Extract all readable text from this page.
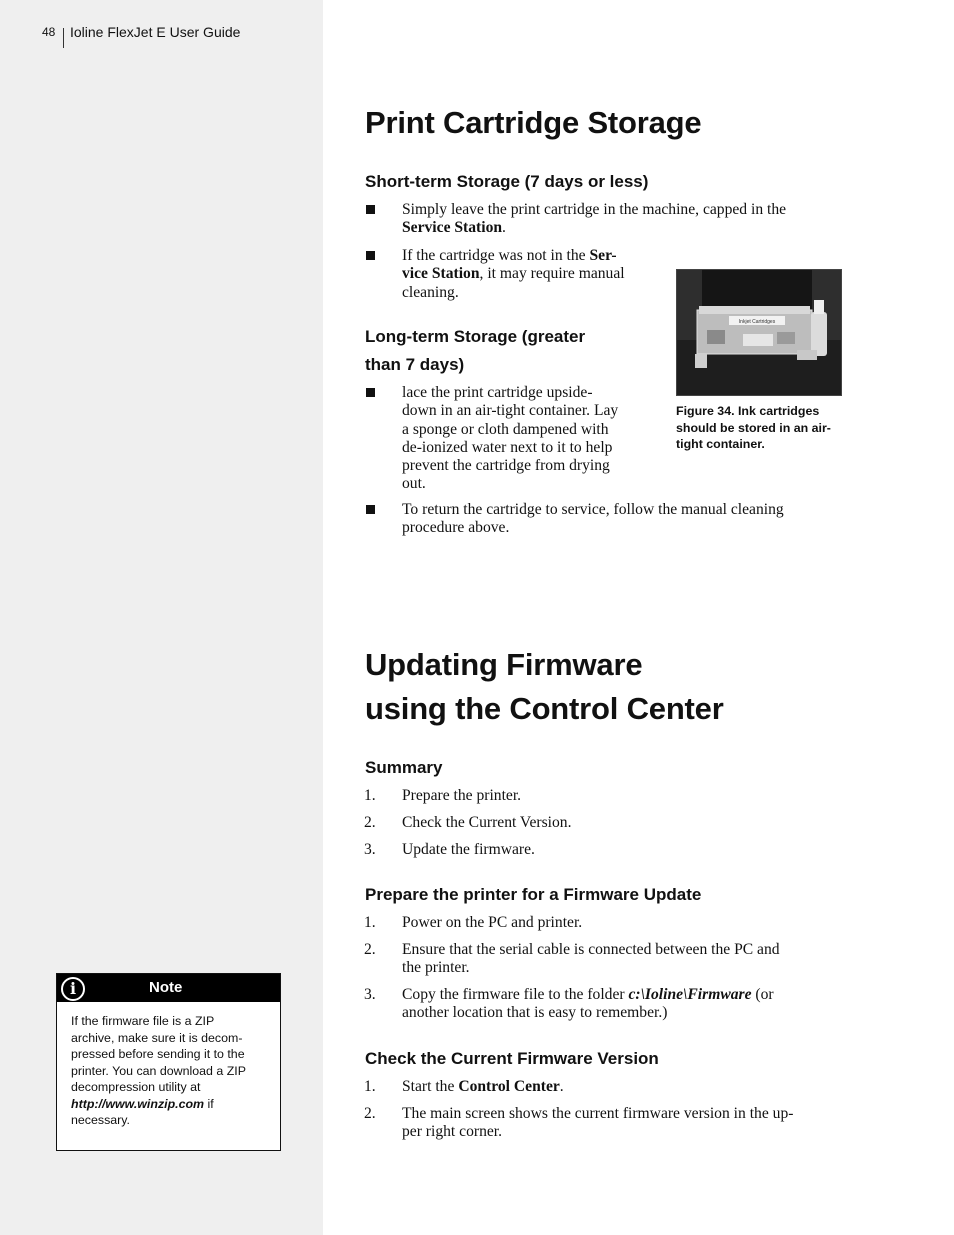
48 Ioline FlexJet E User Guide
Print Cartridge Storage
Short-term Storage (7 days or less)
Simply leave the print cartridge in the machine, capped in the
Service Station.
If the cartridge was not in the Ser-
vice Station, it may require manual
cleaning.
Long-term Storage (greater
than 7 days)
lace the print cartridge upside-
down in an air-tight container. Lay
a sponge or cloth dampened with
de-ionized water next to it to help
prevent the cartridge from drying
out.
To return the cartridge to service, follow the manual cleaning
procedure above.
Inkjet Cartridges
Figure 34. Ink cartridges
should be stored in an air-
tight container.
Updating Firmware
using the Control Center
Summary
1. Prepare the printer.
2. Check the Current Version.
3. Update the firmware.
Prepare the printer for a Firmware Update
1. Power on the PC and printer.
2. Ensure that the serial cable is connected between the PC and
the printer.
3. Copy the firmware file to the folder c:\Ioline\Firmware (or
another location that is easy to remember.)
Check the Current Firmware Version
1. Start the Control Center.
2. The main screen shows the current firmware version in the up-
per right corner.
i	Note
If the firmware file is a ZIP
archive, make sure it is decom-
pressed before sending it to the
printer. You can download a ZIP
decompression utility at
http://www.winzip.com if
necessary.
